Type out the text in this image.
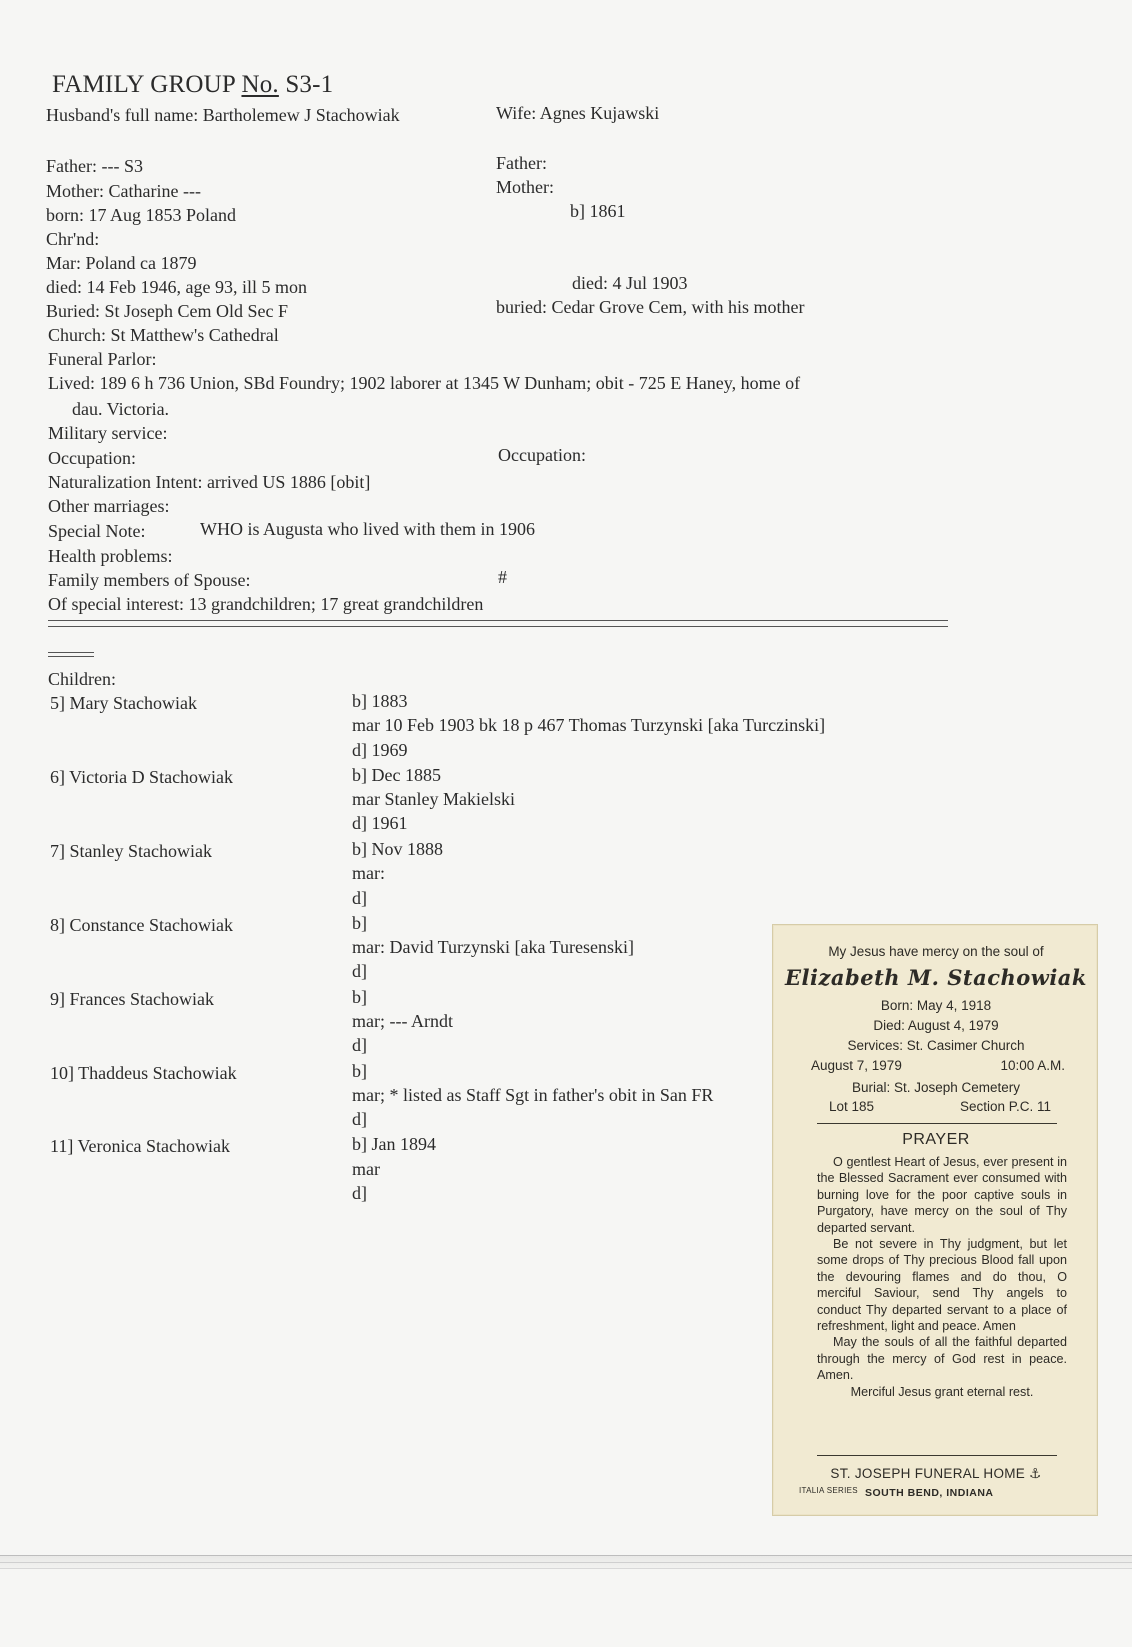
FAMILY GROUP No. S3-1
Husband's full name: Bartholemew J Stachowiak	Wife: Agnes Kujawski
Father: --- S3	Father:
Mother: Catharine ---	Mother:
born: 17 Aug 1853 Poland	b] 1861
Chr'nd:
Mar: Poland ca 1879
died: 14 Feb 1946, age 93, ill 5 mon	died: 4 Jul 1903
Buried: St Joseph Cem Old Sec F	buried: Cedar Grove Cem, with his mother
Church: St Matthew's Cathedral
Funeral Parlor:
Lived: 189 6 h 736 Union, SBd Foundry; 1902 laborer at 1345 W Dunham; obit - 725 E Haney, home of
dau. Victoria.
Military service:
Occupation:	Occupation:
Naturalization Intent: arrived US 1886 [obit]
Other marriages:
Special Note:	WHO is Augusta who lived with them in 1906
Health problems:
Family members of Spouse:	#
Of special interest: 13 grandchildren; 17 great grandchildren
Children:
5] Mary Stachowiak	b] 1883
mar 10 Feb 1903 bk 18 p 467 Thomas Turzynski [aka Turczinski]
d] 1969
6] Victoria D Stachowiak	b] Dec 1885
mar Stanley Makielski
d] 1961
7] Stanley Stachowiak	b] Nov 1888
mar:
d]
8] Constance Stachowiak	b]
mar: David Turzynski [aka Turesenski]
d]
9] Frances Stachowiak	b]
mar; --- Arndt
d]
10] Thaddeus Stachowiak	b]
mar; * listed as Staff Sgt in father's obit in San FR
d]
11] Veronica Stachowiak	b] Jan 1894
mar
d]
My Jesus have mercy on the soul of
Elizabeth M. Stachowiak
Born: May 4, 1918
Died: August 4, 1979
Services: St. Casimer Church
August 7, 1979	10:00 A.M.
Burial: St. Joseph Cemetery
Lot 185	Section P.C. 11
PRAYER

O gentlest Heart of Jesus, ever present in the Blessed Sacrament ever consumed with burning love for the poor captive souls in Purgatory, have mercy on the soul of Thy departed servant.

Be not severe in Thy judgment, but let some drops of Thy precious Blood fall upon the devouring flames and do thou, O merciful Saviour, send Thy angels to conduct Thy departed servant to a place of refreshment, light and peace. Amen

May the souls of all the faithful departed through the mercy of God rest in peace. Amen.

Merciful Jesus grant eternal rest.

ST. JOSEPH FUNERAL HOME ⚓
ITALIA SERIES SOUTH BEND, INDIANA
